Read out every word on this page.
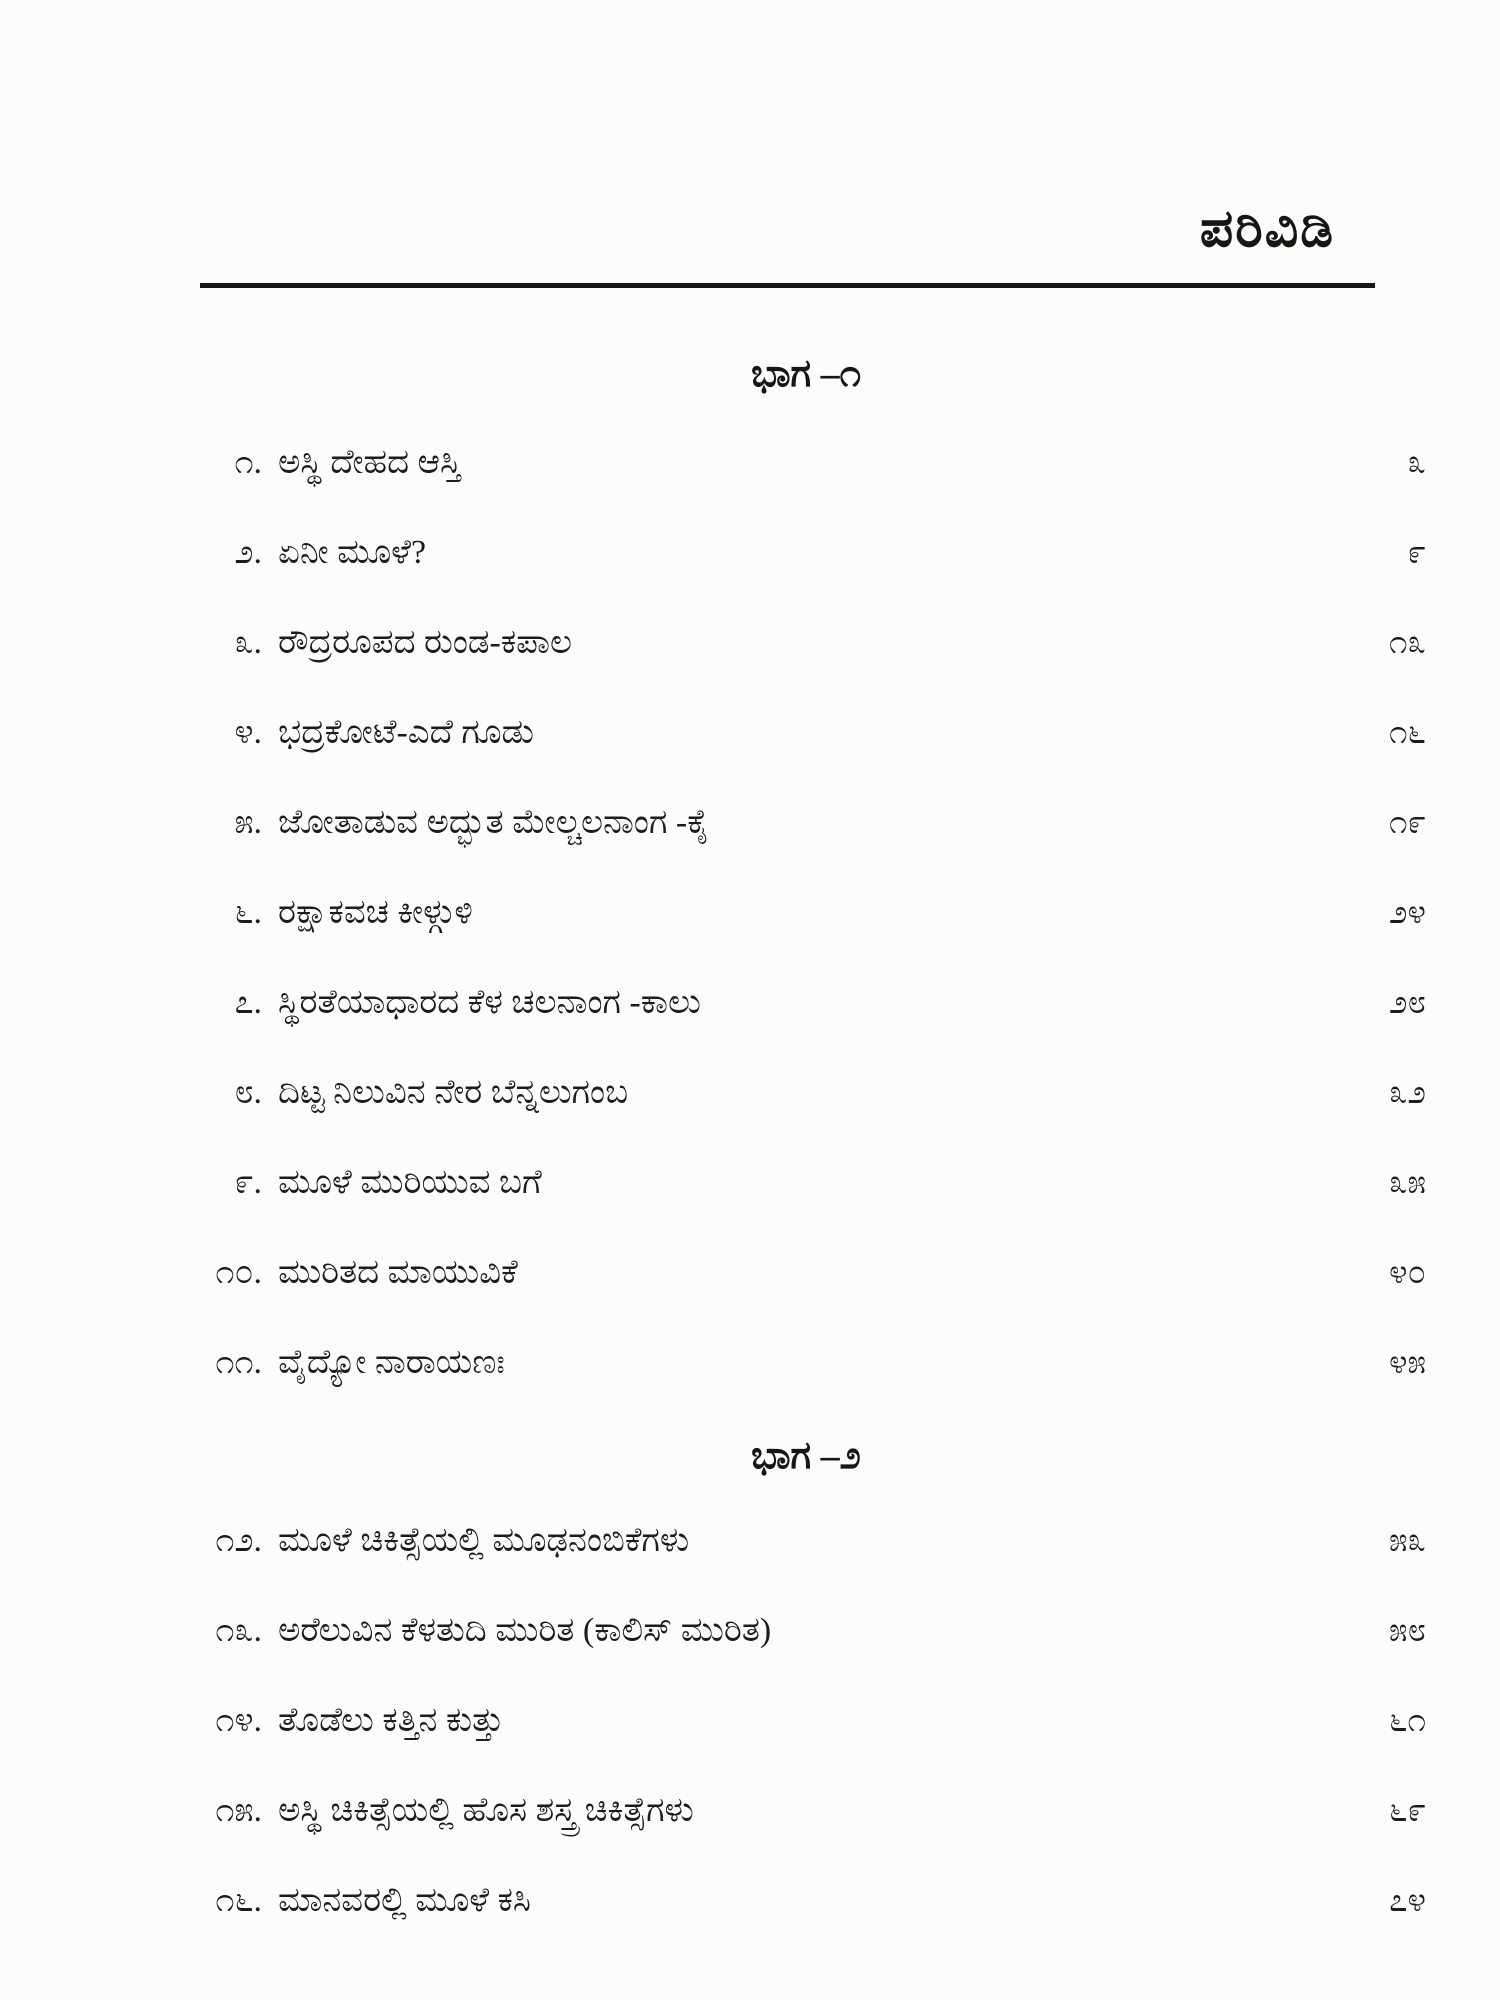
ಪರಿವಿಡಿ
ಭಾಗ –೧
೧. ಅಸ್ಥಿ ದೇಹದ ಆಸ್ತಿ	೩
೨. ಏನೀ ಮೂಳೆ?	೯
೩. ರೌದ್ರರೂಪದ ರುಂಡ-ಕಪಾಲ	೧೩
೪. ಭದ್ರಕೋಟೆ-ಎದೆ ಗೂಡು	೧೬
೫. ಜೋತಾಡುವ ಅದ್ಭುತ ಮೇಲ್ಚಲನಾಂಗ -ಕೈ	೧೯
೬. ರಕ್ಷಾಕವಚ ಕೀಳ್ಗುಳಿ	೨೪
೭. ಸ್ಥಿರತೆಯಾಧಾರದ ಕೆಳ ಚಲನಾಂಗ -ಕಾಲು	೨೮
೮. ದಿಟ್ಟ ನಿಲುವಿನ ನೇರ ಬೆನ್ನಲುಗಂಬ	೩೨
೯. ಮೂಳೆ ಮುರಿಯುವ ಬಗೆ	೩೫
೧೦. ಮುರಿತದ ಮಾಯುವಿಕೆ	೪೦
೧೧. ವೈದ್ಯೋ ನಾರಾಯಣಃ	೪೫
ಭಾಗ –೨
೧೨. ಮೂಳೆ ಚಿಕಿತ್ಸೆಯಲ್ಲಿ ಮೂಢನಂಬಿಕೆಗಳು	೫೩
೧೩. ಅರೆಲುವಿನ ಕೆಳತುದಿ ಮುರಿತ (ಕಾಲಿಸ್ ಮುರಿತ)	೫೮
೧೪. ತೊಡೆಲು ಕತ್ತಿನ ಕುತ್ತು	೬೧
೧೫. ಅಸ್ಥಿ ಚಿಕಿತ್ಸೆಯಲ್ಲಿ ಹೊಸ ಶಸ್ತ್ರ ಚಿಕಿತ್ಸೆಗಳು	೬೯
೧೬. ಮಾನವರಲ್ಲಿ ಮೂಳೆ ಕಸಿ	೭೪
